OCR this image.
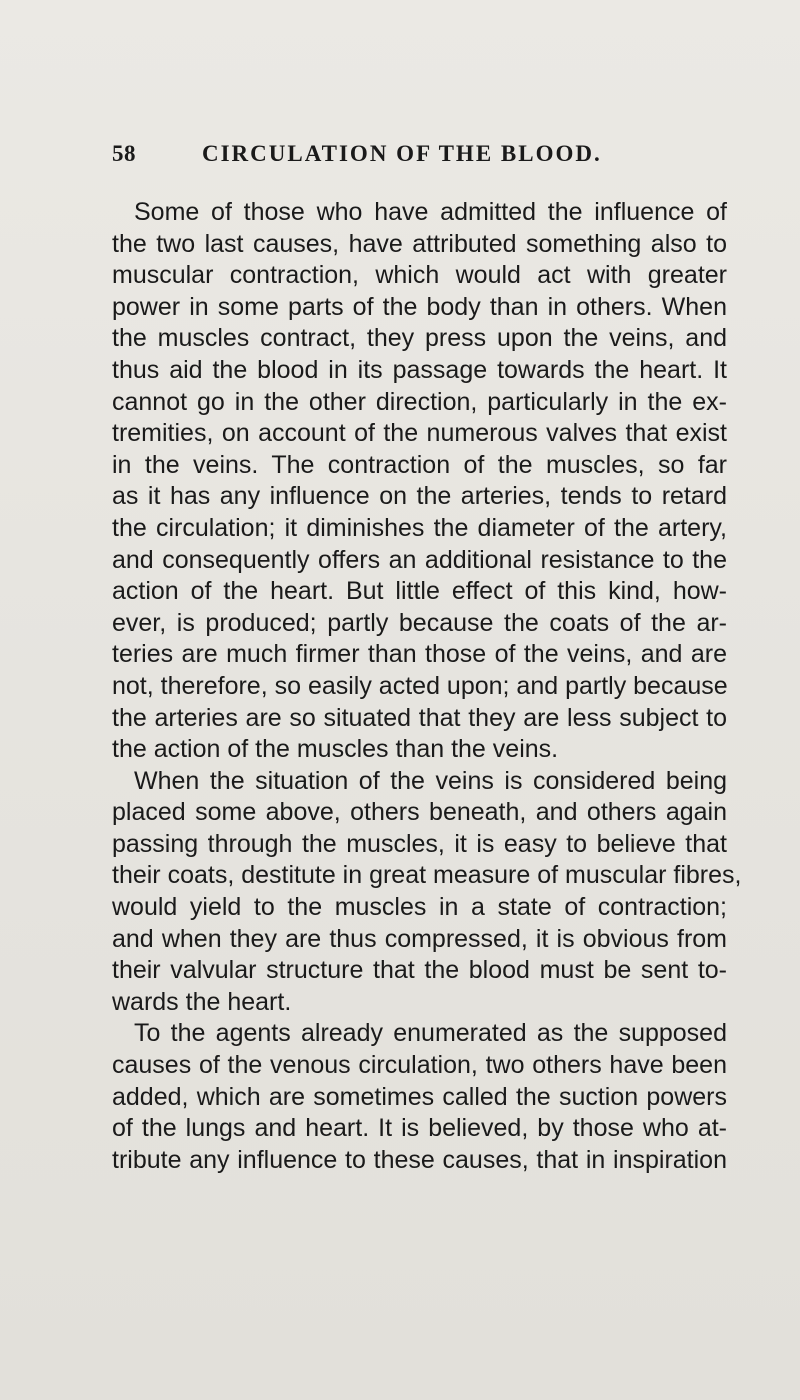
58	CIRCULATION OF THE BLOOD.
Some of those who have admitted the influence of
the two last causes, have attributed something also to
muscular contraction, which would act with greater
power in some parts of the body than in others. When
the muscles contract, they press upon the veins, and
thus aid the blood in its passage towards the heart. It
cannot go in the other direction, particularly in the ex-
tremities, on account of the numerous valves that exist
in the veins. The contraction of the muscles, so far
as it has any influence on the arteries, tends to retard
the circulation; it diminishes the diameter of the artery,
and consequently offers an additional resistance to the
action of the heart. But little effect of this kind, how-
ever, is produced; partly because the coats of the ar-
teries are much firmer than those of the veins, and are
not, therefore, so easily acted upon; and partly because
the arteries are so situated that they are less subject to
the action of the muscles than the veins.
When the situation of the veins is considered being
placed some above, others beneath, and others again
passing through the muscles, it is easy to believe that
their coats, destitute in great measure of muscular fibres,
would yield to the muscles in a state of contraction;
and when they are thus compressed, it is obvious from
their valvular structure that the blood must be sent to-
wards the heart.
To the agents already enumerated as the supposed
causes of the venous circulation, two others have been
added, which are sometimes called the suction powers
of the lungs and heart. It is believed, by those who at-
tribute any influence to these causes, that in inspiration
